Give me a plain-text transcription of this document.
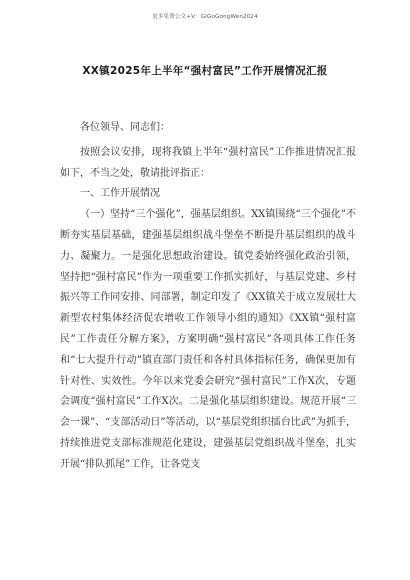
更多免费公文+V：GiGoGongWen2024
XX镇2025年上半年“强村富民”工作开展情况汇报

各位领导、同志们：

按照会议安排，现将我镇上半年“强村富民”工作推进情况汇报如下，不当之处，敬请批评指正：

一、工作开展情况

（一）坚持“三个强化”，强基层组织。XX镇围绕“三个强化”不断夯实基层基础，建强基层组织战斗堡垒不断提升基层组织的战斗力、凝聚力。一是强化思想政治建设。镇党委始终强化政治引领，坚持把“强村富民”作为一项重要工作抓实抓好，与基层党建、乡村振兴等工作同安排、同部署，制定印发了《XX镇关于成立发展壮大新型农村集体经济促农增收工作领导小组的通知》《XX镇“强村富民”工作责任分解方案》，方案明确“强村富民”各项具体工作任务和“七大提升行动”镇直部门责任和各村具体指标任务，确保更加有针对性、实效性。今年以来党委会研究“强村富民”工作X次，专题会调度“强村富民”工作X次。二是强化基层组织建设。规范开展“三会一课”、“支部活动日”等活动，以“基层党组织擂台比武”为抓手，持续推进党支部标准规范化建设，建强基层党组织战斗堡垒，扎实开展“排队抓尾”工作，让各党支
